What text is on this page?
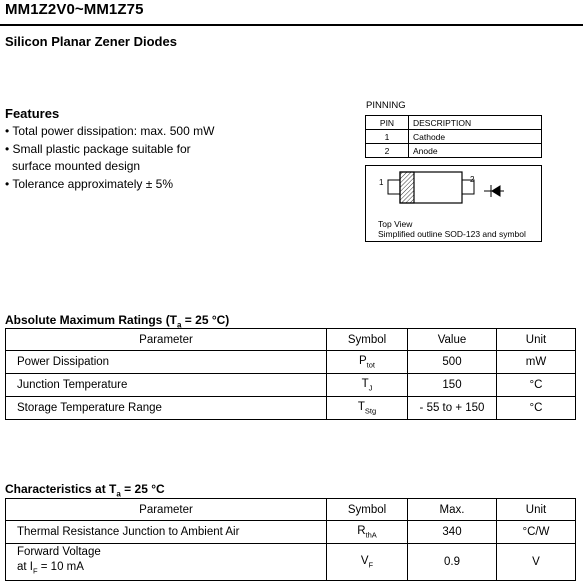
MM1Z2V0~MM1Z75
Silicon Planar Zener Diodes
Features
• Total power dissipation: max. 500 mW
• Small plastic package suitable for
surface mounted design
• Tolerance approximately ± 5%
PINNING
PIN	DESCRIPTION
1	Cathode
2	Anode
1	2
Top View
Simplified outline SOD-123 and symbol
Absolute Maximum Ratings ($T_a = 25$ °C)
Parameter	Symbol	Value	Unit
Power Dissipation	$P_{tot}$	500	mW
Junction Temperature	$T_J$	150	°C
Storage Temperature Range	$T_{Stg}$	- 55 to + 150	°C
Characteristics at $T_a = 25$ °C
Parameter	Symbol	Max.	Unit
Thermal Resistance Junction to Ambient Air	$R_{thA}$	340	°C/W

Forward Voltage
at $I_F = 10$ mA	$V_F$	0.9	V
